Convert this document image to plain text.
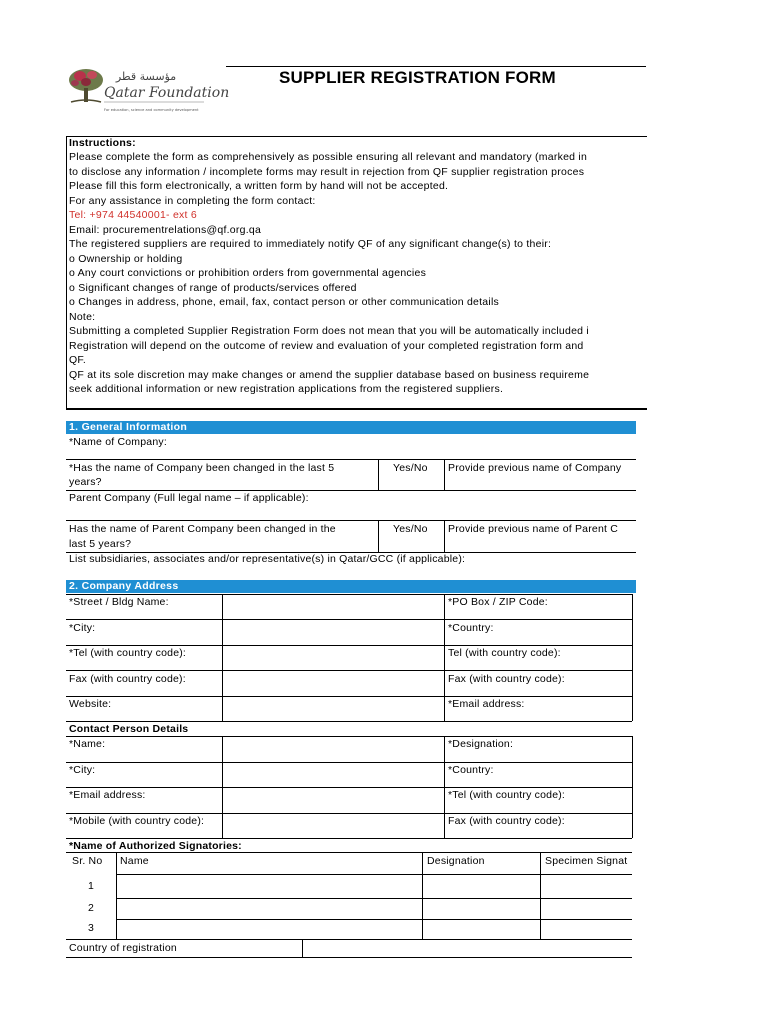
مؤسسة قطر
Qatar Foundation
For education, science and community development
SUPPLIER REGISTRATION FORM
Instructions:
Please complete the form as comprehensively as possible ensuring all relevant and mandatory (marked in
to disclose any information / incomplete forms may result in rejection from QF supplier registration proces
Please fill this form electronically, a written form by hand will not be accepted.
For any assistance in completing the form contact:
Tel: +974 44540001- ext 6
Email: procurementrelations@qf.org.qa
The registered suppliers are required to immediately notify QF of any significant change(s) to their:
o Ownership or holding
o Any court convictions or prohibition orders from governmental agencies
o Significant changes of range of products/services offered
o Changes in address, phone, email, fax, contact person or other communication details
Note:
Submitting a completed Supplier Registration Form does not mean that you will be automatically included i
Registration will depend on the outcome of review and evaluation of your completed registration form and
QF.
QF at its sole discretion may make changes or amend the supplier database based on business requireme
seek additional information or new registration applications from the registered suppliers.
1. General Information
*Name of Company:
*Has the name of Company been changed in the last 5
years?
Yes/No Provide previous name of Company
Parent Company (Full legal name – if applicable):
Has the name of Parent Company been changed in the
last 5 years?
Yes/No Provide previous name of Parent C
List subsidiaries, associates and/or representative(s) in Qatar/GCC (if applicable):
2. Company Address
*Street / Bldg Name:	*PO Box / ZIP Code:
*City:	*Country:
*Tel (with country code):	Tel (with country code):
Fax (with country code):	Fax (with country code):
Website:	*Email address:
Contact Person Details
*Name:	*Designation:
*City:	*Country:
*Email address:	*Tel (with country code):
*Mobile (with country code):	Fax (with country code):
*Name of Authorized Signatories:
Sr. No Name	Designation	Specimen Signat
1
2
3
Country of registration
